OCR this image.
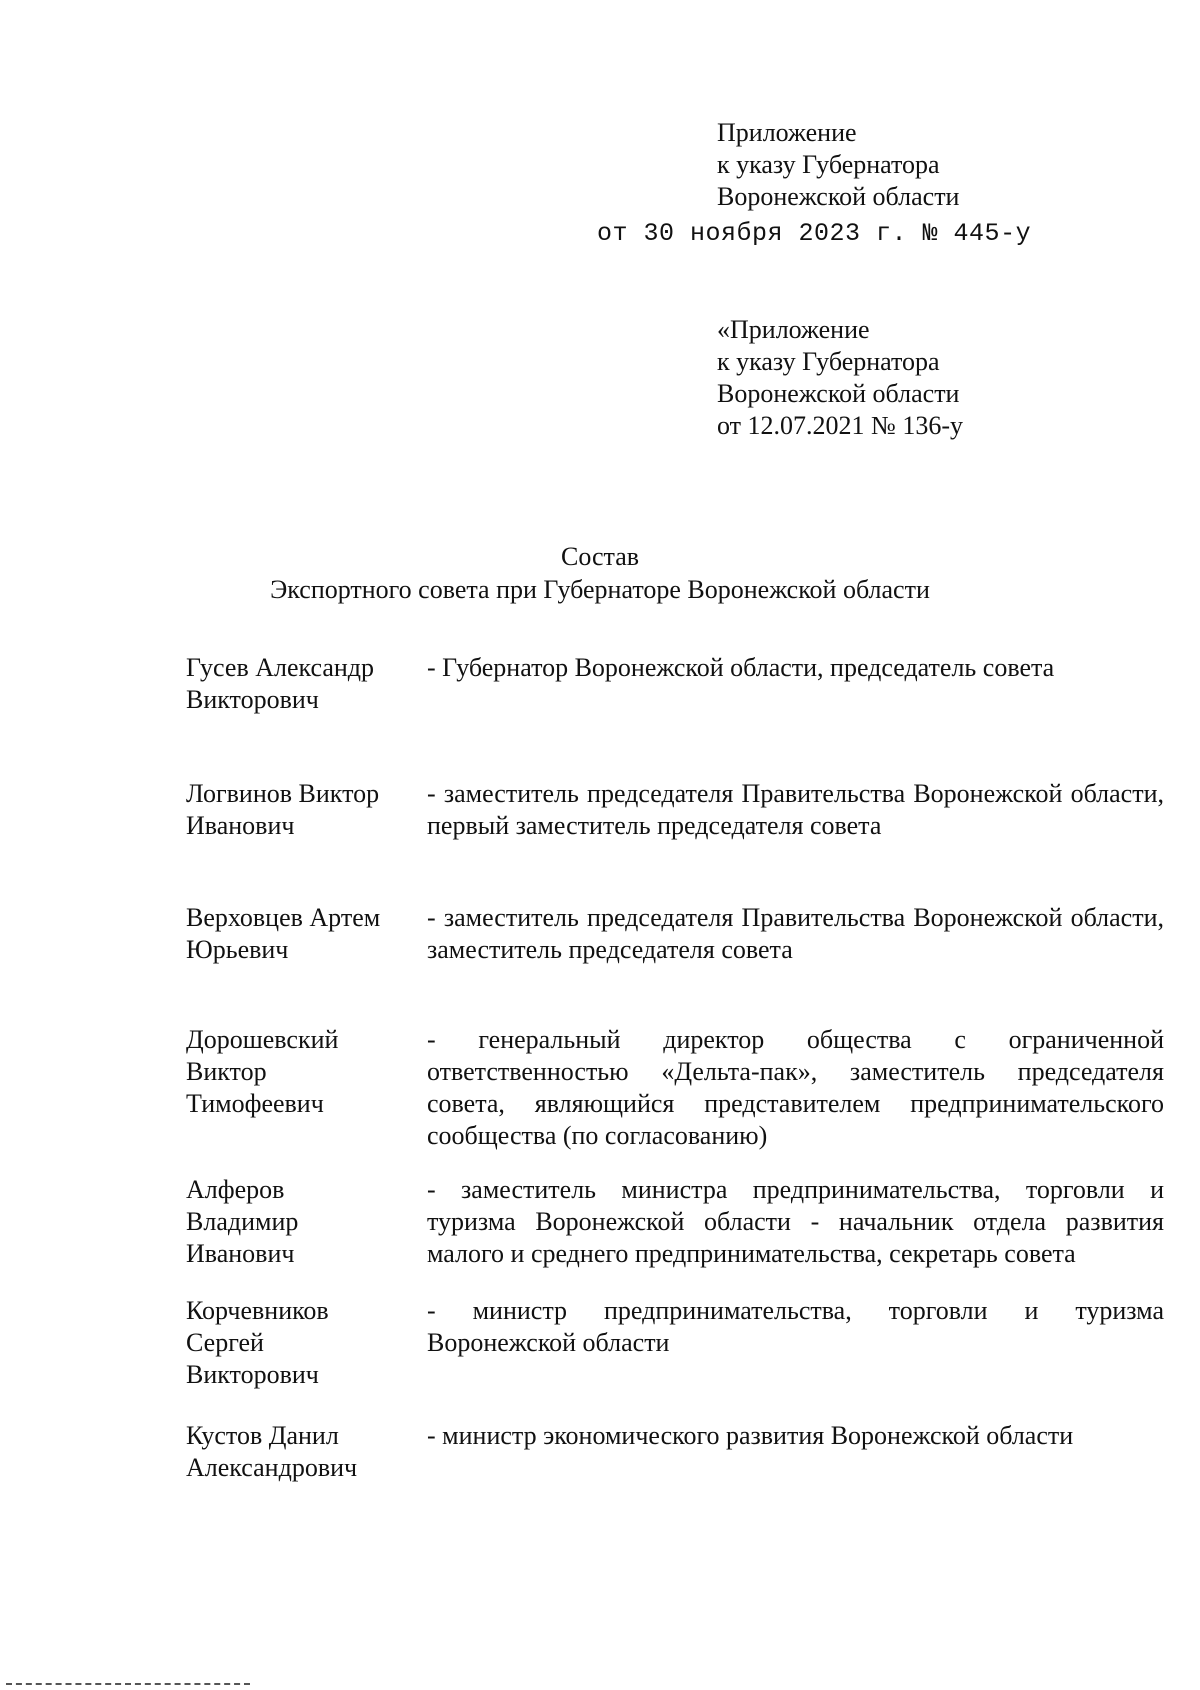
Приложение
к указу Губернатора
Воронежской области
от 30 ноября 2023 г. № 445-у
«Приложение
к указу Губернатора
Воронежской области
от 12.07.2021 № 136-у
Состав
Экспортного совета при Губернаторе Воронежской области
Гусев Александр
Викторович
- Губернатор Воронежской области, председатель совета
Логвинов Виктор
Иванович
- заместитель председателя Правительства Воронежской области, первый заместитель председателя совета
Верховцев Артем
Юрьевич
- заместитель председателя Правительства Воронежской области, заместитель председателя совета
Дорошевский
Виктор
Тимофеевич
- генеральный директор общества с ограниченной ответственностью «Дельта-пак», заместитель председателя совета, являющийся представителем предпринимательского сообщества (по согласованию)
Алферов
Владимир
Иванович
- заместитель министра предпринимательства, торговли и туризма Воронежской области - начальник отдела развития малого и среднего предпринимательства, секретарь совета
Корчевников
Сергей
Викторович
- министр предпринимательства, торговли и туризма Воронежской области
Кустов Данил
Александрович
- министр экономического развития Воронежской области
